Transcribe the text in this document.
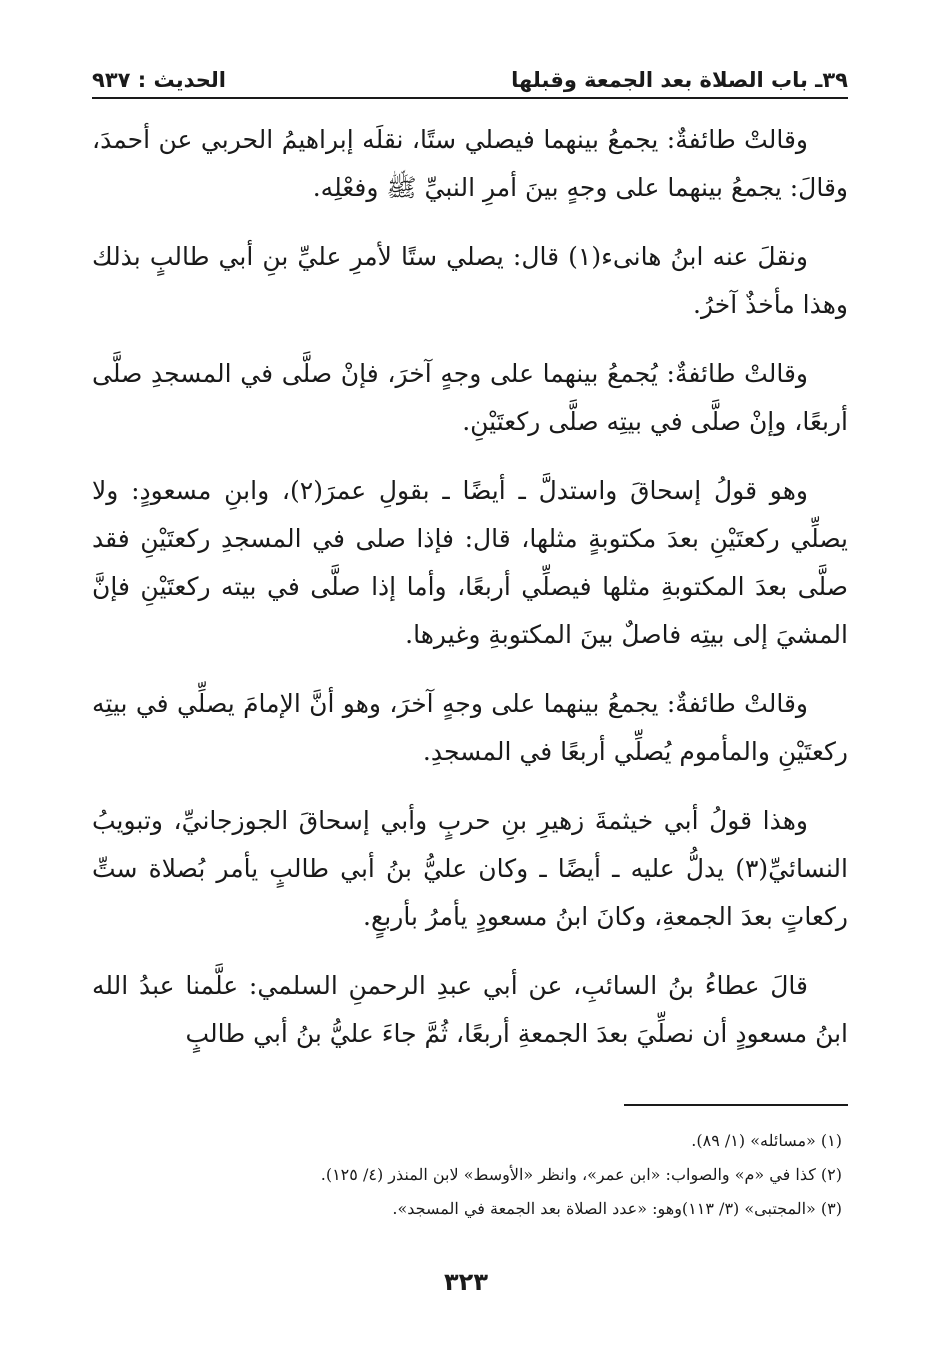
٣٩ـ باب الصلاة بعد الجمعة وقبلها
الحديث : ٩٣٧

وقالتْ طائفةٌ: يجمعُ بينهما فيصلي ستًا، نقلَه إبراهيمُ الحربي عن أحمدَ، وقالَ: يجمعُ بينهما على وجهٍ بينَ أمرِ النبيِّ ﷺ وفعْلِه.

ونقلَ عنه ابنُ هانىء(١) قال: يصلي ستًا لأمرِ عليِّ بنِ أبي طالبٍ بذلك وهذا مأخذٌ آخرُ.

وقالتْ طائفةٌ: يُجمعُ بينهما على وجهٍ آخرَ، فإنْ صلَّى في المسجدِ صلَّى أربعًا، وإنْ صلَّى في بيتِه صلَّى ركعتَيْنِ.

وهو قولُ إسحاقَ واستدلَّ ـ أيضًا ـ بقولِ عمرَ(٢)، وابنِ مسعودٍ: ولا يصلِّي ركعتَيْنِ بعدَ مكتوبةٍ مثلها، قال: فإذا صلى في المسجدِ ركعتَيْنِ فقد صلَّى بعدَ المكتوبةِ مثلها فيصلِّي أربعًا، وأما إذا صلَّى في بيته ركعتَيْنِ فإنَّ المشيَ إلى بيتِه فاصلٌ بينَ المكتوبةِ وغيرها.

وقالتْ طائفةٌ: يجمعُ بينهما على وجهٍ آخرَ، وهو أنَّ الإمامَ يصلِّي في بيتِه ركعتَيْنِ والمأموم يُصلِّي أربعًا في المسجدِ.

وهذا قولُ أبي خيثمةَ زهيرِ بنِ حربٍ وأبي إسحاقَ الجوزجانيِّ، وتبويبُ النسائيِّ(٣) يدلُّ عليه ـ أيضًا ـ وكان عليُّ بنُ أبي طالبٍ يأمر بُصلاة ستِّ ركعاتٍ بعدَ الجمعةِ، وكانَ ابنُ مسعودٍ يأمرُ بأربعٍ.

قالَ عطاءُ بنُ السائبِ، عن أبي عبدِ الرحمنِ السلمي: علَّمنا عبدُ الله ابنُ مسعودٍ أن نصلِّيَ بعدَ الجمعةِ أربعًا، ثُمَّ جاءَ عليُّ بنُ أبي طالبٍ

(١) «مسائله» (١/ ٨٩).
(٢) كذا في «م» والصواب: «ابن عمر»، وانظر «الأوسط» لابن المنذر (٤/ ١٢٥).
(٣) «المجتبى» (٣/ ١١٣)وهو: «عدد الصلاة بعد الجمعة في المسجد».
٣٢٣
